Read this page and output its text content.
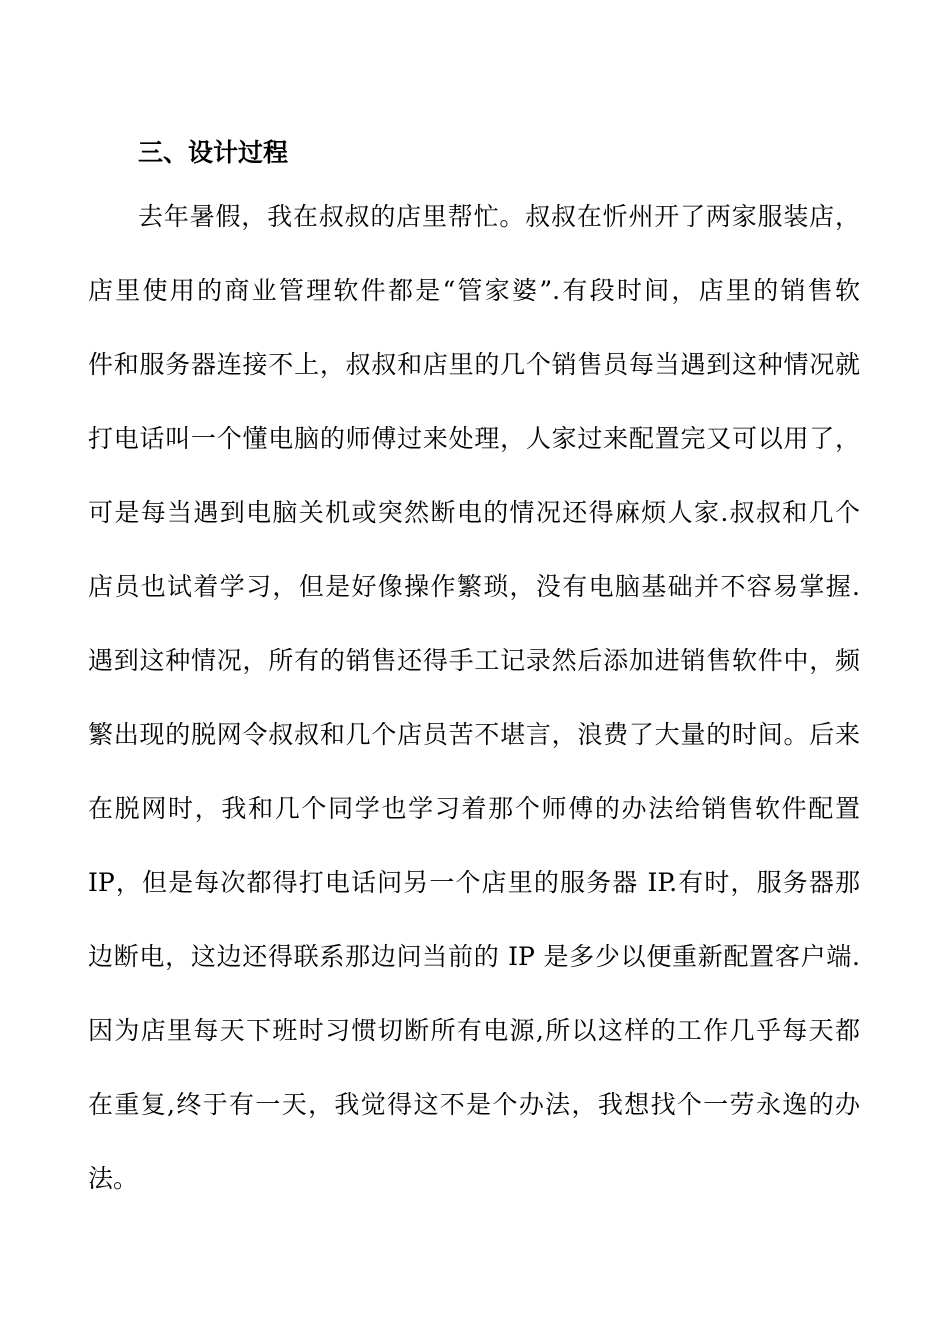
三、设计过程
去年暑假，我在叔叔的店里帮忙。叔叔在忻州开了两家服装店，
店里使用的商业管理软件都是“管家婆”.有段时间，店里的销售软
件和服务器连接不上，叔叔和店里的几个销售员每当遇到这种情况就
打电话叫一个懂电脑的师傅过来处理，人家过来配置完又可以用了，
可是每当遇到电脑关机或突然断电的情况还得麻烦人家.叔叔和几个
店员也试着学习，但是好像操作繁琐，没有电脑基础并不容易掌握.
遇到这种情况，所有的销售还得手工记录然后添加进销售软件中，频
繁出现的脱网令叔叔和几个店员苦不堪言，浪费了大量的时间。后来
在脱网时，我和几个同学也学习着那个师傅的办法给销售软件配置
IP，但是每次都得打电话问另一个店里的服务器 IP.有时，服务器那
边断电，这边还得联系那边问当前的 IP 是多少以便重新配置客户端.
因为店里每天下班时习惯切断所有电源,所以这样的工作几乎每天都
在重复,终于有一天，我觉得这不是个办法，我想找个一劳永逸的办
法。
